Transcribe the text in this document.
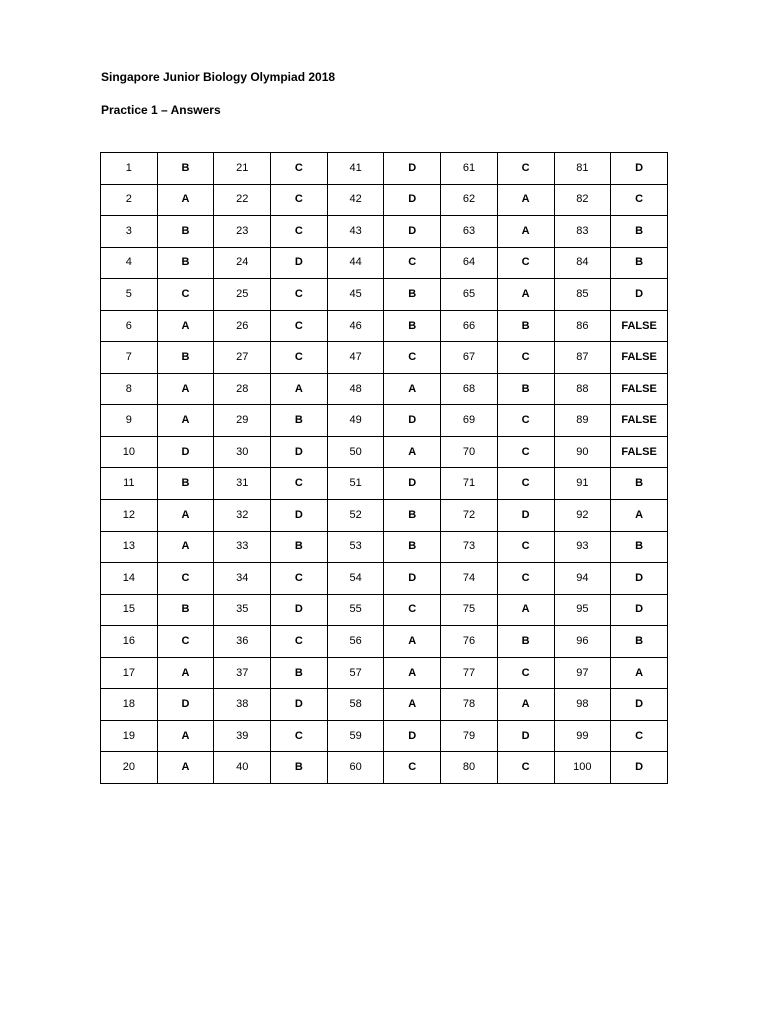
Singapore Junior Biology Olympiad 2018
Practice 1 – Answers
1	B	21	C	41	D	61	C	81	D
2	A	22	C	42	D	62	A	82	C
3	B	23	C	43	D	63	A	83	B
4	B	24	D	44	C	64	C	84	B
5	C	25	C	45	B	65	A	85	D
6	A	26	C	46	B	66	B	86	FALSE
7	B	27	C	47	C	67	C	87	FALSE
8	A	28	A	48	A	68	B	88	FALSE
9	A	29	B	49	D	69	C	89	FALSE
10	D	30	D	50	A	70	C	90	FALSE
11	B	31	C	51	D	71	C	91	B
12	A	32	D	52	B	72	D	92	A
13	A	33	B	53	B	73	C	93	B
14	C	34	C	54	D	74	C	94	D
15	B	35	D	55	C	75	A	95	D
16	C	36	C	56	A	76	B	96	B
17	A	37	B	57	A	77	C	97	A
18	D	38	D	58	A	78	A	98	D
19	A	39	C	59	D	79	D	99	C
20	A	40	B	60	C	80	C	100	D
